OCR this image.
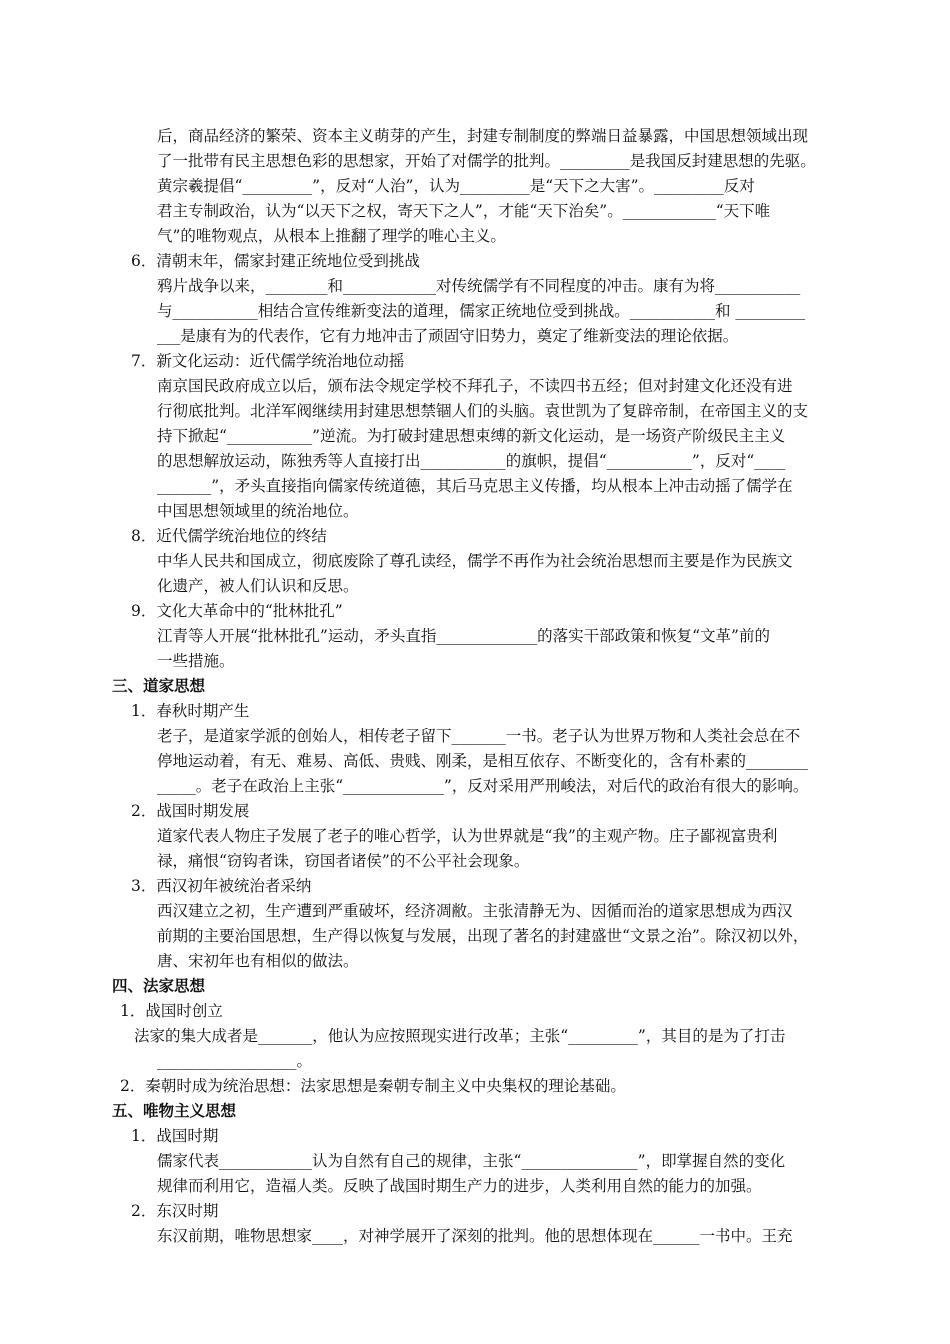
后，商品经济的繁荣、资本主义萌芽的产生，封建专制制度的弊端日益暴露，中国思想领域出现

了一批带有民主思想色彩的思想家，开始了对儒学的批判。_________是我国反封建思想的先驱。

黄宗羲提倡“_________”，反对“人治”，认为_________是“天下之大害”。_________反对

君主专制政治，认为“以天下之权，寄天下之人”，才能“天下治矣”。____________“天下唯

气”的唯物观点，从根本上推翻了理学的唯心主义。

6．清朝末年，儒家封建正统地位受到挑战

鸦片战争以来，________和____________对传统儒学有不同程度的冲击。康有为将___________

与___________相结合宣传维新变法的道理，儒家正统地位受到挑战。___________和 _________

___是康有为的代表作，它有力地冲击了顽固守旧势力，奠定了维新变法的理论依据。

7．新文化运动：近代儒学统治地位动摇

南京国民政府成立以后，颁布法令规定学校不拜孔子，不读四书五经；但对封建文化还没有进

行彻底批判。北洋军阀继续用封建思想禁锢人们的头脑。袁世凯为了复辟帝制，在帝国主义的支

持下掀起“___________”逆流。为打破封建思想束缚的新文化运动，是一场资产阶级民主主义

的思想解放运动，陈独秀等人直接打出___________的旗帜，提倡“___________”，反对“____

_______”，矛头直接指向儒家传统道德，其后马克思主义传播，均从根本上冲击动摇了儒学在

中国思想领域里的统治地位。

8．近代儒学统治地位的终结

中华人民共和国成立，彻底废除了尊孔读经，儒学不再作为社会统治思想而主要是作为民族文

化遗产，被人们认识和反思。

9．文化大革命中的“批林批孔”

江青等人开展“批林批孔”运动，矛头直指_____________的落实干部政策和恢复“文革”前的

一些措施。

三、道家思想

1．春秋时期产生

老子，是道家学派的创始人，相传老子留下_______一书。老子认为世界万物和人类社会总在不

停地运动着，有无、难易、高低、贵贱、刚柔，是相互依存、不断变化的，含有朴素的________

_____。老子在政治上主张“_____________”，反对采用严刑峻法，对后代的政治有很大的影响。

2．战国时期发展

道家代表人物庄子发展了老子的唯心哲学，认为世界就是“我”的主观产物。庄子鄙视富贵利

禄，痛恨“窃钩者诛，窃国者诸侯”的不公平社会现象。

3．西汉初年被统治者采纳

西汉建立之初，生产遭到严重破坏，经济凋敝。主张清静无为、因循而治的道家思想成为西汉

前期的主要治国思想，生产得以恢复与发展，出现了著名的封建盛世“文景之治”。除汉初以外，

唐、宋初年也有相似的做法。

四、法家思想

1．战国时创立

法家的集大成者是_______，他认为应按照现实进行改革；主张“_________”，其目的是为了打击

__________________。

2．秦朝时成为统治思想：法家思想是秦朝专制主义中央集权的理论基础。

五、唯物主义思想

1．战国时期

儒家代表____________认为自然有自己的规律，主张“_______________”，即掌握自然的变化

规律而利用它，造福人类。反映了战国时期生产力的进步，人类利用自然的能力的加强。

2．东汉时期

东汉前期，唯物思想家____，对神学展开了深刻的批判。他的思想体现在______一书中。王充
